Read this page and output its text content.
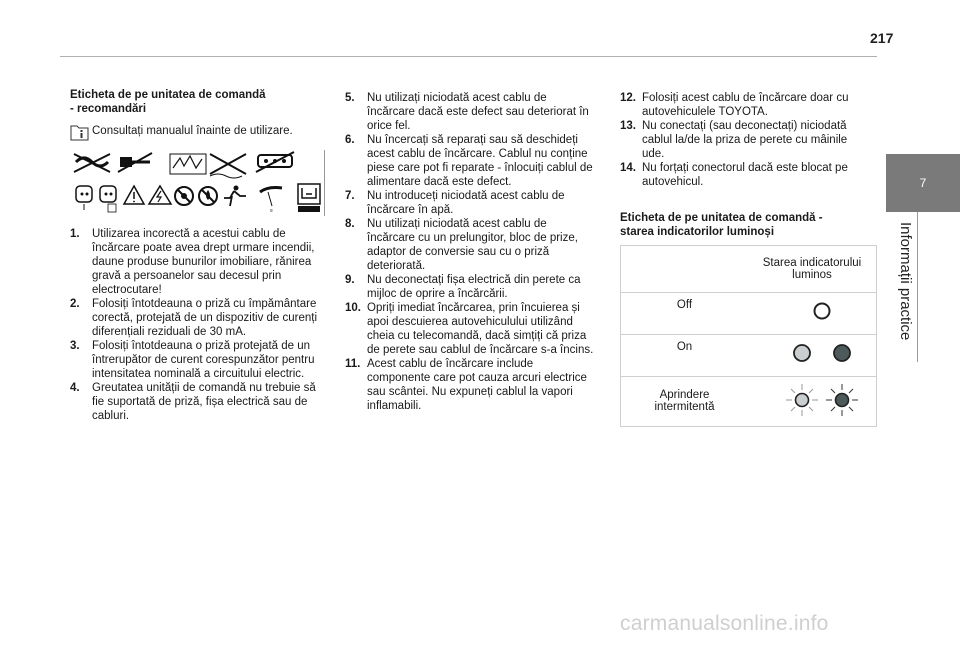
217
7
Informații practice
Eticheta de pe unitatea de comandă
- recomandări
Consultați manualul înainte de utilizare.
≡
1. Utilizarea incorectă a acestui cablu de
încărcare poate avea drept urmare incendii,
daune produse bunurilor imobiliare, rănirea
gravă a persoanelor sau decesul prin
electrocutare!
2. Folosiți întotdeauna o priză cu împământare
corectă, protejată de un dispozitiv de curenți
diferențiali reziduali de 30 mA.
3. Folosiți întotdeauna o priză protejată de un
întrerupător de curent corespunzător pentru
intensitatea nominală a circuitului electric.
4. Greutatea unității de comandă nu trebuie să
fie suportată de priză, fișa electrică sau de
cabluri.
5. Nu utilizați niciodată acest cablu de
încărcare dacă este defect sau deteriorat în
orice fel.
6. Nu încercați să reparați sau să deschideți
acest cablu de încărcare. Cablul nu conține
piese care pot fi reparate - înlocuiți cablul de
alimentare dacă este defect.
7. Nu introduceți niciodată acest cablu de
încărcare în apă.
8. Nu utilizați niciodată acest cablu de
încărcare cu un prelungitor, bloc de prize,
adaptor de conversie sau cu o priză
deteriorată.
9. Nu deconectați fișa electrică din perete ca
mijloc de oprire a încărcării.
10. Opriți imediat încărcarea, prin încuierea și
apoi descuierea autovehiculului utilizând
cheia cu telecomandă, dacă simțiți că priza
de perete sau cablul de încărcare s-a încins.
11. Acest cablu de încărcare include
componente care pot cauza arcuri electrice
sau scântei. Nu expuneți cablul la vapori
inflamabili.
12. Folosiți acest cablu de încărcare doar cu
autovehiculele TOYOTA.
13. Nu conectați (sau deconectați) niciodată
cablul la/de la priza de perete cu mâinile
ude.
14. Nu forțați conectorul dacă este blocat pe
autovehicul.
Eticheta de pe unitatea de comandă -
starea indicatorilor luminoși

	Starea indicatorului
luminos

Off

On

Aprindere
intermitentă

carmanualsonline.info
